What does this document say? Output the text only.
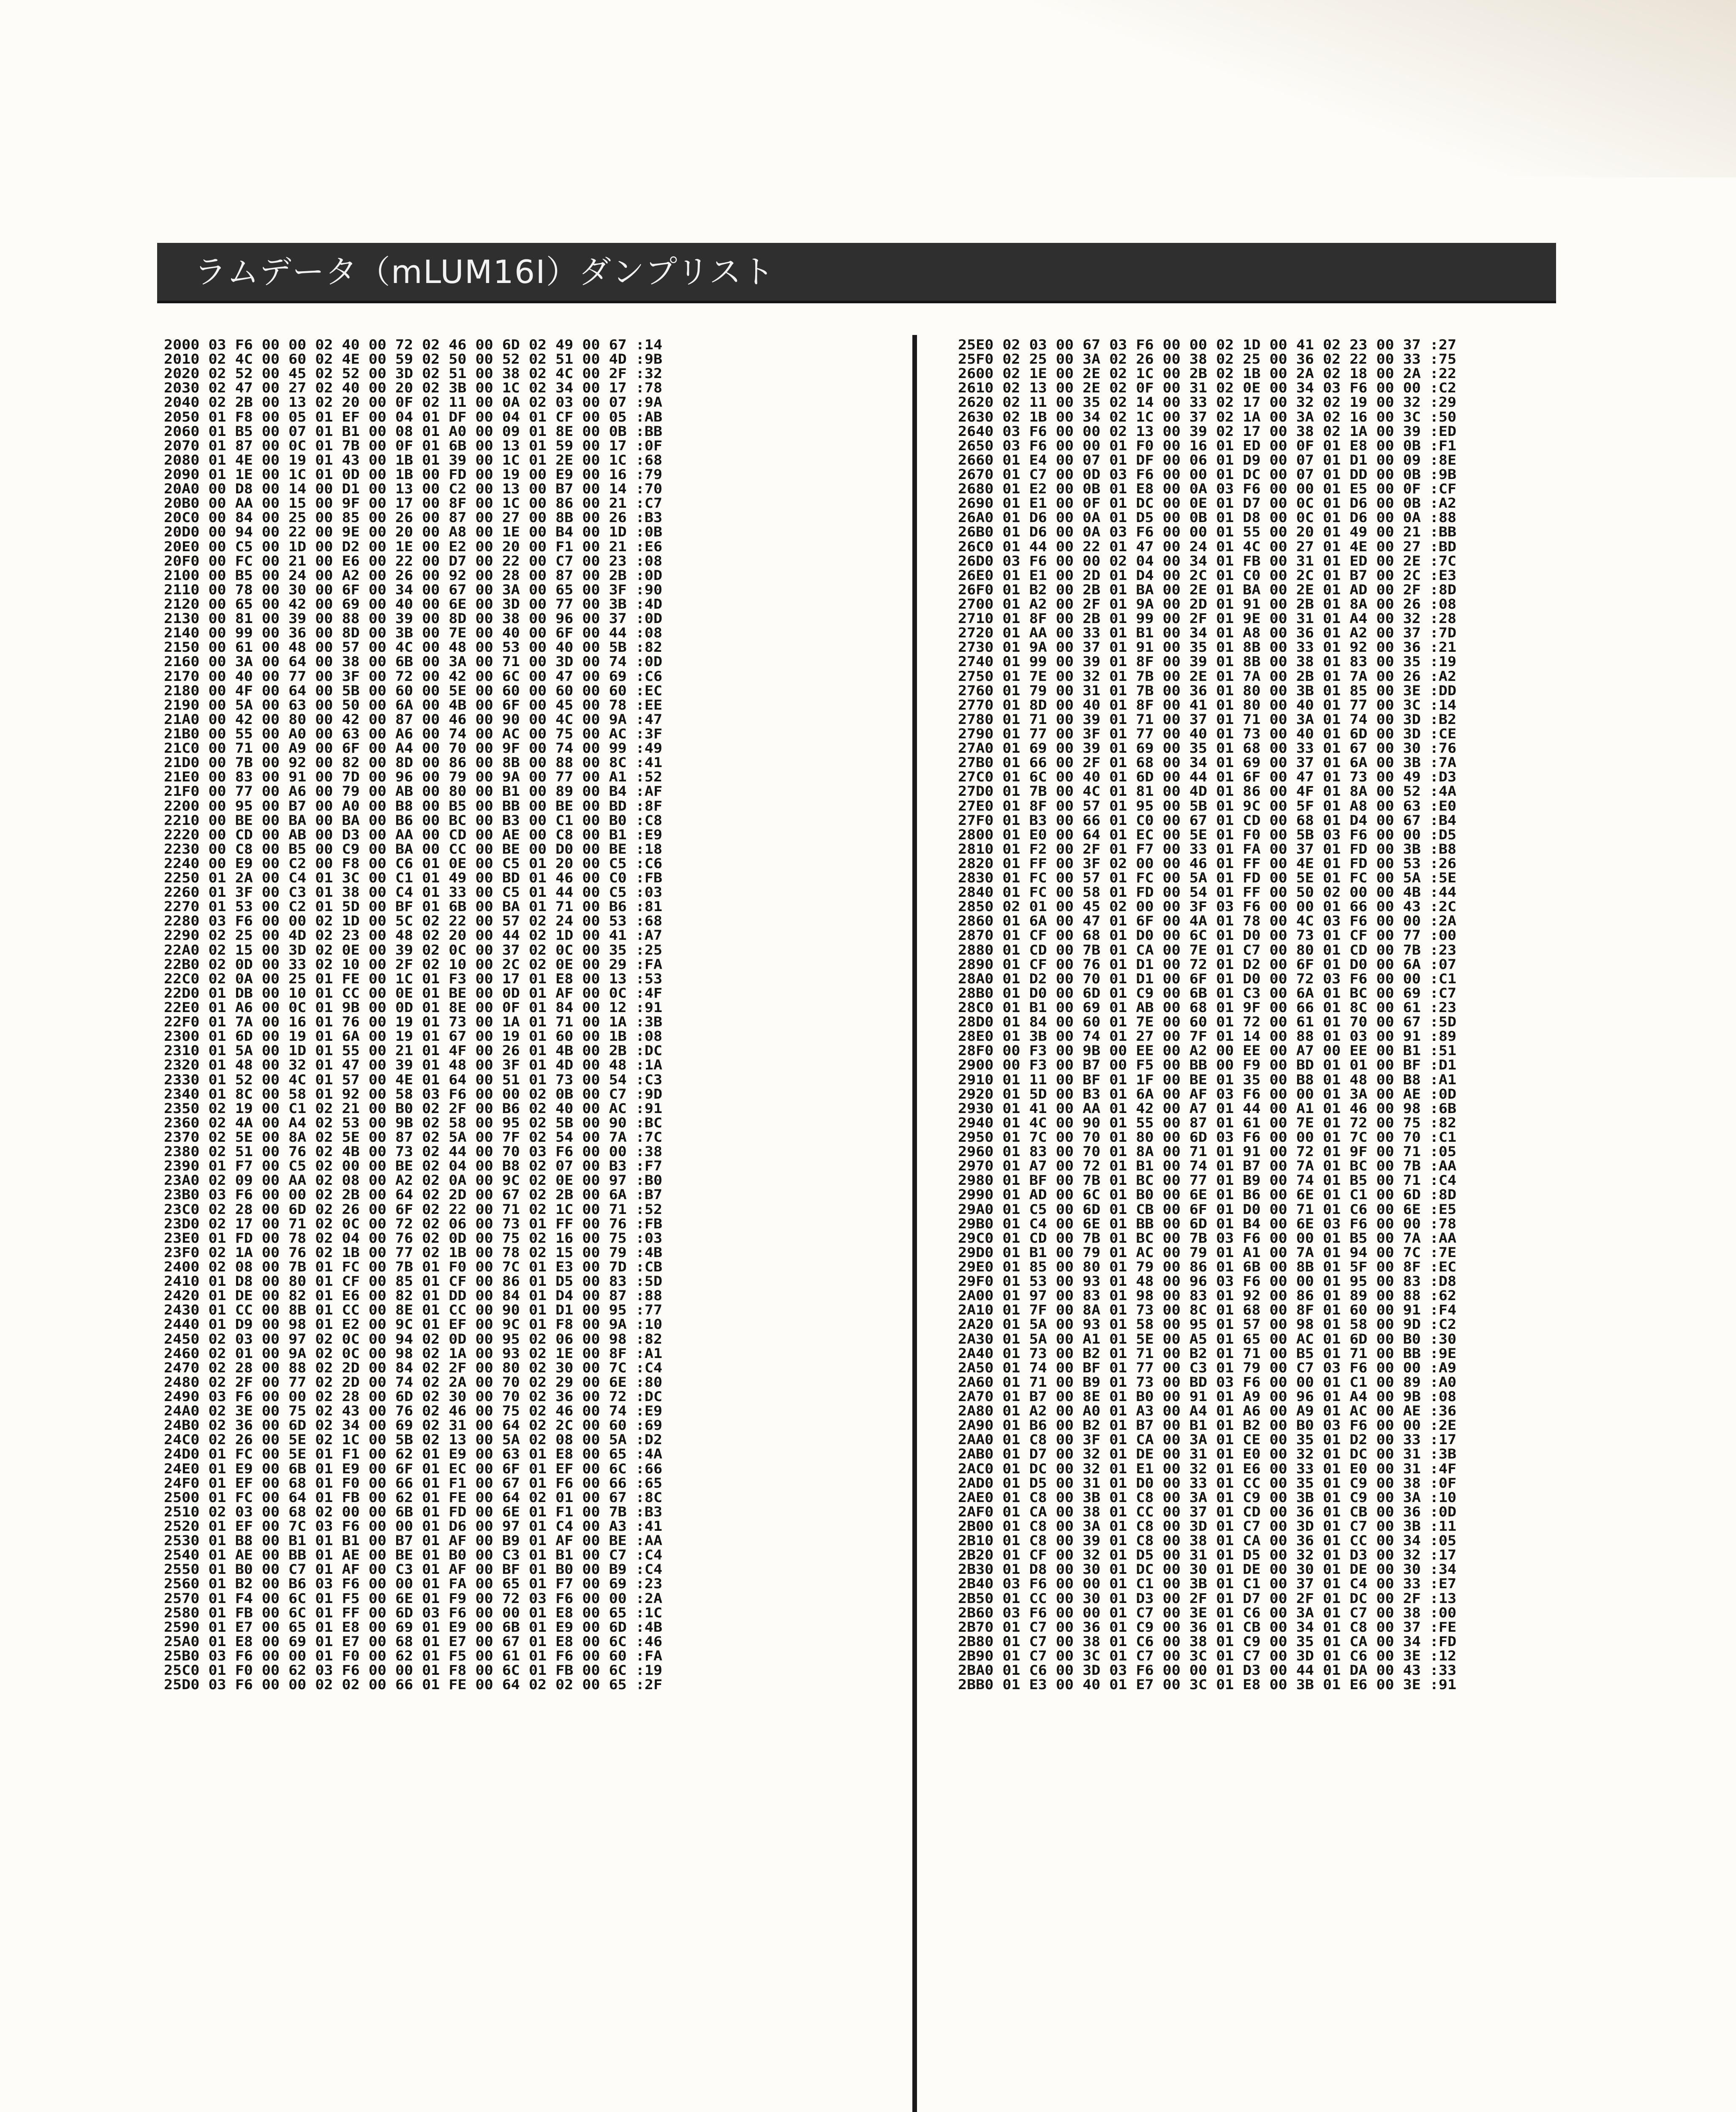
ラムデータ（mLUM16I）ダンプリスト
2000 03 F6 00 00 02 40 00 72 02 46 00 6D 02 49 00 67 :14
2010 02 4C 00 60 02 4E 00 59 02 50 00 52 02 51 00 4D :9B
2020 02 52 00 45 02 52 00 3D 02 51 00 38 02 4C 00 2F :32
2030 02 47 00 27 02 40 00 20 02 3B 00 1C 02 34 00 17 :78
2040 02 2B 00 13 02 20 00 0F 02 11 00 0A 02 03 00 07 :9A
2050 01 F8 00 05 01 EF 00 04 01 DF 00 04 01 CF 00 05 :AB
2060 01 B5 00 07 01 B1 00 08 01 A0 00 09 01 8E 00 0B :BB
2070 01 87 00 0C 01 7B 00 0F 01 6B 00 13 01 59 00 17 :0F
2080 01 4E 00 19 01 43 00 1B 01 39 00 1C 01 2E 00 1C :68
2090 01 1E 00 1C 01 0D 00 1B 00 FD 00 19 00 E9 00 16 :79
20A0 00 D8 00 14 00 D1 00 13 00 C2 00 13 00 B7 00 14 :70
20B0 00 AA 00 15 00 9F 00 17 00 8F 00 1C 00 86 00 21 :C7
20C0 00 84 00 25 00 85 00 26 00 87 00 27 00 8B 00 26 :B3
20D0 00 94 00 22 00 9E 00 20 00 A8 00 1E 00 B4 00 1D :0B
20E0 00 C5 00 1D 00 D2 00 1E 00 E2 00 20 00 F1 00 21 :E6
20F0 00 FC 00 21 00 E6 00 22 00 D7 00 22 00 C7 00 23 :08
2100 00 B5 00 24 00 A2 00 26 00 92 00 28 00 87 00 2B :0D
2110 00 78 00 30 00 6F 00 34 00 67 00 3A 00 65 00 3F :90
2120 00 65 00 42 00 69 00 40 00 6E 00 3D 00 77 00 3B :4D
2130 00 81 00 39 00 88 00 39 00 8D 00 38 00 96 00 37 :0D
2140 00 99 00 36 00 8D 00 3B 00 7E 00 40 00 6F 00 44 :08
2150 00 61 00 48 00 57 00 4C 00 48 00 53 00 40 00 5B :82
2160 00 3A 00 64 00 38 00 6B 00 3A 00 71 00 3D 00 74 :0D
2170 00 40 00 77 00 3F 00 72 00 42 00 6C 00 47 00 69 :C6
2180 00 4F 00 64 00 5B 00 60 00 5E 00 60 00 60 00 60 :EC
2190 00 5A 00 63 00 50 00 6A 00 4B 00 6F 00 45 00 78 :EE
21A0 00 42 00 80 00 42 00 87 00 46 00 90 00 4C 00 9A :47
21B0 00 55 00 A0 00 63 00 A6 00 74 00 AC 00 75 00 AC :3F
21C0 00 71 00 A9 00 6F 00 A4 00 70 00 9F 00 74 00 99 :49
21D0 00 7B 00 92 00 82 00 8D 00 86 00 8B 00 88 00 8C :41
21E0 00 83 00 91 00 7D 00 96 00 79 00 9A 00 77 00 A1 :52
21F0 00 77 00 A6 00 79 00 AB 00 80 00 B1 00 89 00 B4 :AF
2200 00 95 00 B7 00 A0 00 B8 00 B5 00 BB 00 BE 00 BD :8F
2210 00 BE 00 BA 00 BA 00 B6 00 BC 00 B3 00 C1 00 B0 :C8
2220 00 CD 00 AB 00 D3 00 AA 00 CD 00 AE 00 C8 00 B1 :E9
2230 00 C8 00 B5 00 C9 00 BA 00 CC 00 BE 00 D0 00 BE :18
2240 00 E9 00 C2 00 F8 00 C6 01 0E 00 C5 01 20 00 C5 :C6
2250 01 2A 00 C4 01 3C 00 C1 01 49 00 BD 01 46 00 C0 :FB
2260 01 3F 00 C3 01 38 00 C4 01 33 00 C5 01 44 00 C5 :03
2270 01 53 00 C2 01 5D 00 BF 01 6B 00 BA 01 71 00 B6 :81
2280 03 F6 00 00 02 1D 00 5C 02 22 00 57 02 24 00 53 :68
2290 02 25 00 4D 02 23 00 48 02 20 00 44 02 1D 00 41 :A7
22A0 02 15 00 3D 02 0E 00 39 02 0C 00 37 02 0C 00 35 :25
22B0 02 0D 00 33 02 10 00 2F 02 10 00 2C 02 0E 00 29 :FA
22C0 02 0A 00 25 01 FE 00 1C 01 F3 00 17 01 E8 00 13 :53
22D0 01 DB 00 10 01 CC 00 0E 01 BE 00 0D 01 AF 00 0C :4F
22E0 01 A6 00 0C 01 9B 00 0D 01 8E 00 0F 01 84 00 12 :91
22F0 01 7A 00 16 01 76 00 19 01 73 00 1A 01 71 00 1A :3B
2300 01 6D 00 19 01 6A 00 19 01 67 00 19 01 60 00 1B :08
2310 01 5A 00 1D 01 55 00 21 01 4F 00 26 01 4B 00 2B :DC
2320 01 48 00 32 01 47 00 39 01 48 00 3F 01 4D 00 48 :1A
2330 01 52 00 4C 01 57 00 4E 01 64 00 51 01 73 00 54 :C3
2340 01 8C 00 58 01 92 00 58 03 F6 00 00 02 0B 00 C7 :9D
2350 02 19 00 C1 02 21 00 B0 02 2F 00 B6 02 40 00 AC :91
2360 02 4A 00 A4 02 53 00 9B 02 58 00 95 02 5B 00 90 :BC
2370 02 5E 00 8A 02 5E 00 87 02 5A 00 7F 02 54 00 7A :7C
2380 02 51 00 76 02 4B 00 73 02 44 00 70 03 F6 00 00 :38
2390 01 F7 00 C5 02 00 00 BE 02 04 00 B8 02 07 00 B3 :F7
23A0 02 09 00 AA 02 08 00 A2 02 0A 00 9C 02 0E 00 97 :B0
23B0 03 F6 00 00 02 2B 00 64 02 2D 00 67 02 2B 00 6A :B7
23C0 02 28 00 6D 02 26 00 6F 02 22 00 71 02 1C 00 71 :52
23D0 02 17 00 71 02 0C 00 72 02 06 00 73 01 FF 00 76 :FB
23E0 01 FD 00 78 02 04 00 76 02 0D 00 75 02 16 00 75 :03
23F0 02 1A 00 76 02 1B 00 77 02 1B 00 78 02 15 00 79 :4B
2400 02 08 00 7B 01 FC 00 7B 01 F0 00 7C 01 E3 00 7D :CB
2410 01 D8 00 80 01 CF 00 85 01 CF 00 86 01 D5 00 83 :5D
2420 01 DE 00 82 01 E6 00 82 01 DD 00 84 01 D4 00 87 :88
2430 01 CC 00 8B 01 CC 00 8E 01 CC 00 90 01 D1 00 95 :77
2440 01 D9 00 98 01 E2 00 9C 01 EF 00 9C 01 F8 00 9A :10
2450 02 03 00 97 02 0C 00 94 02 0D 00 95 02 06 00 98 :82
2460 02 01 00 9A 02 0C 00 98 02 1A 00 93 02 1E 00 8F :A1
2470 02 28 00 88 02 2D 00 84 02 2F 00 80 02 30 00 7C :C4
2480 02 2F 00 77 02 2D 00 74 02 2A 00 70 02 29 00 6E :80
2490 03 F6 00 00 02 28 00 6D 02 30 00 70 02 36 00 72 :DC
24A0 02 3E 00 75 02 43 00 76 02 46 00 75 02 46 00 74 :E9
24B0 02 36 00 6D 02 34 00 69 02 31 00 64 02 2C 00 60 :69
24C0 02 26 00 5E 02 1C 00 5B 02 13 00 5A 02 08 00 5A :D2
24D0 01 FC 00 5E 01 F1 00 62 01 E9 00 63 01 E8 00 65 :4A
24E0 01 E9 00 6B 01 E9 00 6F 01 EC 00 6F 01 EF 00 6C :66
24F0 01 EF 00 68 01 F0 00 66 01 F1 00 67 01 F6 00 66 :65
2500 01 FC 00 64 01 FB 00 62 01 FE 00 64 02 01 00 67 :8C
2510 02 03 00 68 02 00 00 6B 01 FD 00 6E 01 F1 00 7B :B3
2520 01 EF 00 7C 03 F6 00 00 01 D6 00 97 01 C4 00 A3 :41
2530 01 B8 00 B1 01 B1 00 B7 01 AF 00 B9 01 AF 00 BE :AA
2540 01 AE 00 BB 01 AE 00 BE 01 B0 00 C3 01 B1 00 C7 :C4
2550 01 B0 00 C7 01 AF 00 C3 01 AF 00 BF 01 B0 00 B9 :C4
2560 01 B2 00 B6 03 F6 00 00 01 FA 00 65 01 F7 00 69 :23
2570 01 F4 00 6C 01 F5 00 6E 01 F9 00 72 03 F6 00 00 :2A
2580 01 FB 00 6C 01 FF 00 6D 03 F6 00 00 01 E8 00 65 :1C
2590 01 E7 00 65 01 E8 00 69 01 E9 00 6B 01 E9 00 6D :4B
25A0 01 E8 00 69 01 E7 00 68 01 E7 00 67 01 E8 00 6C :46
25B0 03 F6 00 00 01 F0 00 62 01 F5 00 61 01 F6 00 60 :FA
25C0 01 F0 00 62 03 F6 00 00 01 F8 00 6C 01 FB 00 6C :19
25D0 03 F6 00 00 02 02 00 66 01 FE 00 64 02 02 00 65 :2F
25E0 02 03 00 67 03 F6 00 00 02 1D 00 41 02 23 00 37 :27
25F0 02 25 00 3A 02 26 00 38 02 25 00 36 02 22 00 33 :75
2600 02 1E 00 2E 02 1C 00 2B 02 1B 00 2A 02 18 00 2A :22
2610 02 13 00 2E 02 0F 00 31 02 0E 00 34 03 F6 00 00 :C2
2620 02 11 00 35 02 14 00 33 02 17 00 32 02 19 00 32 :29
2630 02 1B 00 34 02 1C 00 37 02 1A 00 3A 02 16 00 3C :50
2640 03 F6 00 00 02 13 00 39 02 17 00 38 02 1A 00 39 :ED
2650 03 F6 00 00 01 F0 00 16 01 ED 00 0F 01 E8 00 0B :F1
2660 01 E4 00 07 01 DF 00 06 01 D9 00 07 01 D1 00 09 :8E
2670 01 C7 00 0D 03 F6 00 00 01 DC 00 07 01 DD 00 0B :9B
2680 01 E2 00 0B 01 E8 00 0A 03 F6 00 00 01 E5 00 0F :CF
2690 01 E1 00 0F 01 DC 00 0E 01 D7 00 0C 01 D6 00 0B :A2
26A0 01 D6 00 0A 01 D5 00 0B 01 D8 00 0C 01 D6 00 0A :88
26B0 01 D6 00 0A 03 F6 00 00 01 55 00 20 01 49 00 21 :BB
26C0 01 44 00 22 01 47 00 24 01 4C 00 27 01 4E 00 27 :BD
26D0 03 F6 00 00 02 04 00 34 01 FB 00 31 01 ED 00 2E :7C
26E0 01 E1 00 2D 01 D4 00 2C 01 C0 00 2C 01 B7 00 2C :E3
26F0 01 B2 00 2B 01 BA 00 2E 01 BA 00 2E 01 AD 00 2F :8D
2700 01 A2 00 2F 01 9A 00 2D 01 91 00 2B 01 8A 00 26 :08
2710 01 8F 00 2B 01 99 00 2F 01 9E 00 31 01 A4 00 32 :28
2720 01 AA 00 33 01 B1 00 34 01 A8 00 36 01 A2 00 37 :7D
2730 01 9A 00 37 01 91 00 35 01 8B 00 33 01 92 00 36 :21
2740 01 99 00 39 01 8F 00 39 01 8B 00 38 01 83 00 35 :19
2750 01 7E 00 32 01 7B 00 2E 01 7A 00 2B 01 7A 00 26 :A2
2760 01 79 00 31 01 7B 00 36 01 80 00 3B 01 85 00 3E :DD
2770 01 8D 00 40 01 8F 00 41 01 80 00 40 01 77 00 3C :14
2780 01 71 00 39 01 71 00 37 01 71 00 3A 01 74 00 3D :B2
2790 01 77 00 3F 01 77 00 40 01 73 00 40 01 6D 00 3D :CE
27A0 01 69 00 39 01 69 00 35 01 68 00 33 01 67 00 30 :76
27B0 01 66 00 2F 01 68 00 34 01 69 00 37 01 6A 00 3B :7A
27C0 01 6C 00 40 01 6D 00 44 01 6F 00 47 01 73 00 49 :D3
27D0 01 7B 00 4C 01 81 00 4D 01 86 00 4F 01 8A 00 52 :4A
27E0 01 8F 00 57 01 95 00 5B 01 9C 00 5F 01 A8 00 63 :E0
27F0 01 B3 00 66 01 C0 00 67 01 CD 00 68 01 D4 00 67 :B4
2800 01 E0 00 64 01 EC 00 5E 01 F0 00 5B 03 F6 00 00 :D5
2810 01 F2 00 2F 01 F7 00 33 01 FA 00 37 01 FD 00 3B :B8
2820 01 FF 00 3F 02 00 00 46 01 FF 00 4E 01 FD 00 53 :26
2830 01 FC 00 57 01 FC 00 5A 01 FD 00 5E 01 FC 00 5A :5E
2840 01 FC 00 58 01 FD 00 54 01 FF 00 50 02 00 00 4B :44
2850 02 01 00 45 02 00 00 3F 03 F6 00 00 01 66 00 43 :2C
2860 01 6A 00 47 01 6F 00 4A 01 78 00 4C 03 F6 00 00 :2A
2870 01 CF 00 68 01 D0 00 6C 01 D0 00 73 01 CF 00 77 :00
2880 01 CD 00 7B 01 CA 00 7E 01 C7 00 80 01 CD 00 7B :23
2890 01 CF 00 76 01 D1 00 72 01 D2 00 6F 01 D0 00 6A :07
28A0 01 D2 00 70 01 D1 00 6F 01 D0 00 72 03 F6 00 00 :C1
28B0 01 D0 00 6D 01 C9 00 6B 01 C3 00 6A 01 BC 00 69 :C7
28C0 01 B1 00 69 01 AB 00 68 01 9F 00 66 01 8C 00 61 :23
28D0 01 84 00 60 01 7E 00 60 01 72 00 61 01 70 00 67 :5D
28E0 01 3B 00 74 01 27 00 7F 01 14 00 88 01 03 00 91 :89
28F0 00 F3 00 9B 00 EE 00 A2 00 EE 00 A7 00 EE 00 B1 :51
2900 00 F3 00 B7 00 F5 00 BB 00 F9 00 BD 01 01 00 BF :D1
2910 01 11 00 BF 01 1F 00 BE 01 35 00 B8 01 48 00 B8 :A1
2920 01 5D 00 B3 01 6A 00 AF 03 F6 00 00 01 3A 00 AE :0D
2930 01 41 00 AA 01 42 00 A7 01 44 00 A1 01 46 00 98 :6B
2940 01 4C 00 90 01 55 00 87 01 61 00 7E 01 72 00 75 :82
2950 01 7C 00 70 01 80 00 6D 03 F6 00 00 01 7C 00 70 :C1
2960 01 83 00 70 01 8A 00 71 01 91 00 72 01 9F 00 71 :05
2970 01 A7 00 72 01 B1 00 74 01 B7 00 7A 01 BC 00 7B :AA
2980 01 BF 00 7B 01 BC 00 77 01 B9 00 74 01 B5 00 71 :C4
2990 01 AD 00 6C 01 B0 00 6E 01 B6 00 6E 01 C1 00 6D :8D
29A0 01 C5 00 6D 01 CB 00 6F 01 D0 00 71 01 C6 00 6E :E5
29B0 01 C4 00 6E 01 BB 00 6D 01 B4 00 6E 03 F6 00 00 :78
29C0 01 CD 00 7B 01 BC 00 7B 03 F6 00 00 01 B5 00 7A :AA
29D0 01 B1 00 79 01 AC 00 79 01 A1 00 7A 01 94 00 7C :7E
29E0 01 85 00 80 01 79 00 86 01 6B 00 8B 01 5F 00 8F :EC
29F0 01 53 00 93 01 48 00 96 03 F6 00 00 01 95 00 83 :D8
2A00 01 97 00 83 01 98 00 83 01 92 00 86 01 89 00 88 :62
2A10 01 7F 00 8A 01 73 00 8C 01 68 00 8F 01 60 00 91 :F4
2A20 01 5A 00 93 01 58 00 95 01 57 00 98 01 58 00 9D :C2
2A30 01 5A 00 A1 01 5E 00 A5 01 65 00 AC 01 6D 00 B0 :30
2A40 01 73 00 B2 01 71 00 B2 01 71 00 B5 01 71 00 BB :9E
2A50 01 74 00 BF 01 77 00 C3 01 79 00 C7 03 F6 00 00 :A9
2A60 01 71 00 B9 01 73 00 BD 03 F6 00 00 01 C1 00 89 :A0
2A70 01 B7 00 8E 01 B0 00 91 01 A9 00 96 01 A4 00 9B :08
2A80 01 A2 00 A0 01 A3 00 A4 01 A6 00 A9 01 AC 00 AE :36
2A90 01 B6 00 B2 01 B7 00 B1 01 B2 00 B0 03 F6 00 00 :2E
2AA0 01 C8 00 3F 01 CA 00 3A 01 CE 00 35 01 D2 00 33 :17
2AB0 01 D7 00 32 01 DE 00 31 01 E0 00 32 01 DC 00 31 :3B
2AC0 01 DC 00 32 01 E1 00 32 01 E6 00 33 01 E0 00 31 :4F
2AD0 01 D5 00 31 01 D0 00 33 01 CC 00 35 01 C9 00 38 :0F
2AE0 01 C8 00 3B 01 C8 00 3A 01 C9 00 3B 01 C9 00 3A :10
2AF0 01 CA 00 38 01 CC 00 37 01 CD 00 36 01 CB 00 36 :0D
2B00 01 C8 00 3A 01 C8 00 3D 01 C7 00 3D 01 C7 00 3B :11
2B10 01 C8 00 39 01 C8 00 38 01 CA 00 36 01 CC 00 34 :05
2B20 01 CF 00 32 01 D5 00 31 01 D5 00 32 01 D3 00 32 :17
2B30 01 D8 00 30 01 DC 00 30 01 DE 00 30 01 DE 00 30 :34
2B40 03 F6 00 00 01 C1 00 3B 01 C1 00 37 01 C4 00 33 :E7
2B50 01 CC 00 30 01 D3 00 2F 01 D7 00 2F 01 DC 00 2F :13
2B60 03 F6 00 00 01 C7 00 3E 01 C6 00 3A 01 C7 00 38 :00
2B70 01 C7 00 36 01 C9 00 36 01 CB 00 34 01 C8 00 37 :FE
2B80 01 C7 00 38 01 C6 00 38 01 C9 00 35 01 CA 00 34 :FD
2B90 01 C7 00 3C 01 C7 00 3C 01 C7 00 3D 01 C6 00 3E :12
2BA0 01 C6 00 3D 03 F6 00 00 01 D3 00 44 01 DA 00 43 :33
2BB0 01 E3 00 40 01 E7 00 3C 01 E8 00 3B 01 E6 00 3E :91
